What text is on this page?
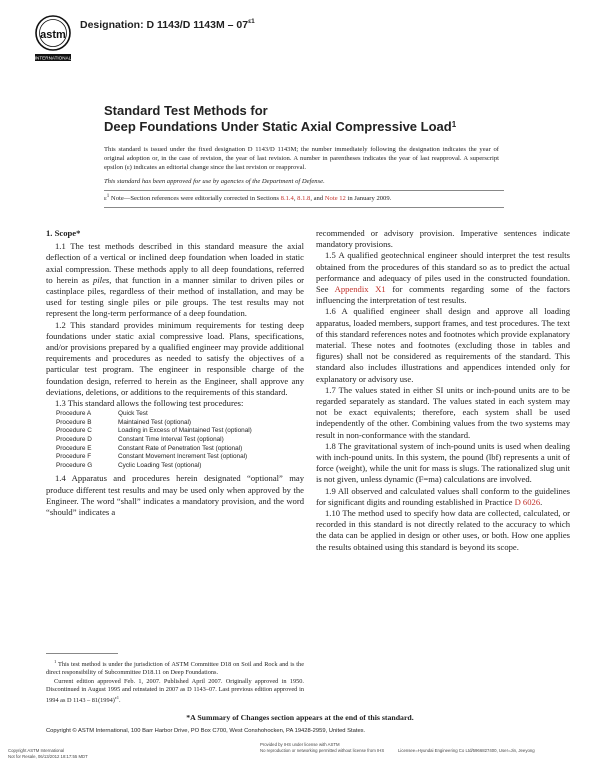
astm
INTERNATIONAL
Designation: D 1143/D $1143M - 07^{\varepsilon 1}$
Standard Test Methods for
Deep Foundations Under Static Axial Compressive Load$^1$
This standard is issued under the fixed designation D 1143/D 1143M; the number immediately following the designation indicates the year of original adoption or, in the case of revision, the year of last revision. A number in parentheses indicates the year of last reapproval. A superscript epsilon (ε) indicates an editorial change since the last revision or reapproval.
This standard has been approved for use by agencies of the Department of Defense.
$\varepsilon^1$ Note—Section references were editorially corrected in Sections 8.1.4, 8.1.8, and Note 12 in January 2009.

1. Scope*

1.1 The test methods described in this standard measure the axial deflection of a vertical or inclined deep foundation when loaded in static axial compression. These methods apply to all deep foundations, referred to herein as piles, that function in a manner similar to driven piles or castinplace piles, regardless of their method of installation, and may be used for testing single piles or pile groups. The test results may not represent the long-term performance of a deep foundation.

1.2 This standard provides minimum requirements for testing deep foundations under static axial compressive load. Plans, specifications, and/or provisions prepared by a qualified engineer may provide additional requirements and procedures as needed to satisfy the objectives of a particular test program. The engineer in responsible charge of the foundation design, referred to herein as the Engineer, shall approve any deviations, deletions, or additions to the requirements of this standard.

1.3 This standard allows the following test procedures:

Procedure A	Quick Test
Procedure B	Maintained Test (optional)
Procedure C	Loading in Excess of Maintained Test (optional)
Procedure D	Constant Time Interval Test (optional)
Procedure E	Constant Rate of Penetration Test (optional)
Procedure F	Constant Movement Increment Test (optional)
Procedure G	Cyclic Loading Test (optional)

1.4 Apparatus and procedures herein designated “optional” may produce different test results and may be used only when approved by the Engineer. The word “shall” indicates a mandatory provision, and the word “should” indicates a

recommended or advisory provision. Imperative sentences indicate mandatory provisions.

1.5 A qualified geotechnical engineer should interpret the test results obtained from the procedures of this standard so as to predict the actual performance and adequacy of piles used in the constructed foundation. See Appendix X1 for comments regarding some of the factors influencing the interpretation of test results.

1.6 A qualified engineer shall design and approve all loading apparatus, loaded members, support frames, and test procedures. The text of this standard references notes and footnotes which provide explanatory material. These notes and footnotes (excluding those in tables and figures) shall not be considered as requirements of the standard. This standard also includes illustrations and appendices intended only for explanatory or advisory use.

1.7 The values stated in either SI units or inch-pound units are to be regarded separately as standard. The values stated in each system may not be exact equivalents; therefore, each system shall be used independently of the other. Combining values from the two systems may result in non-conformance with the standard.

1.8 The gravitational system of inch-pound units is used when dealing with inch-pound units. In this system, the pound (lbf) represents a unit of force (weight), while the unit for mass is slugs. The rationalized slug unit is not given, unless dynamic (F=ma) calculations are involved.

1.9 All observed and calculated values shall conform to the guidelines for significant digits and rounding established in Practice D 6026.

1.10 The method used to specify how data are collected, calculated, or recorded in this standard is not directly related to the accuracy to which the data can be applied in design or other uses, or both. How one applies the results obtained using this standard is beyond its scope.

$^1$ This test method is under the jurisdiction of ASTM Committee D18 on Soil and Rock and is the direct responsibility of Subcommittee D18.11 on Deep Foundations.
Current edition approved Feb. 1, 2007. Published April 2007. Originally approved in 1950. Discontinued in August 1995 and reinstated in 2007 as D 1143–07. Last previous edition approved in 1994 as D $1143 - 81(1994)^{\varepsilon 1}$.
*A Summary of Changes section appears at the end of this standard.
Copyright © ASTM International, 100 Barr Harbor Drive, PO Box C700, West Conshohocken, PA 19428-2959, United States.
Copyright ASTM International
Not for Resale, 06/13/2012 18:17:55 MDT
Provided by IHS under license with ASTM
No reproduction or networking permitted without license from IHS	Licensee=Hyundai Engineering Co Ltd/5966827400, User=Jin, Jeeyong
